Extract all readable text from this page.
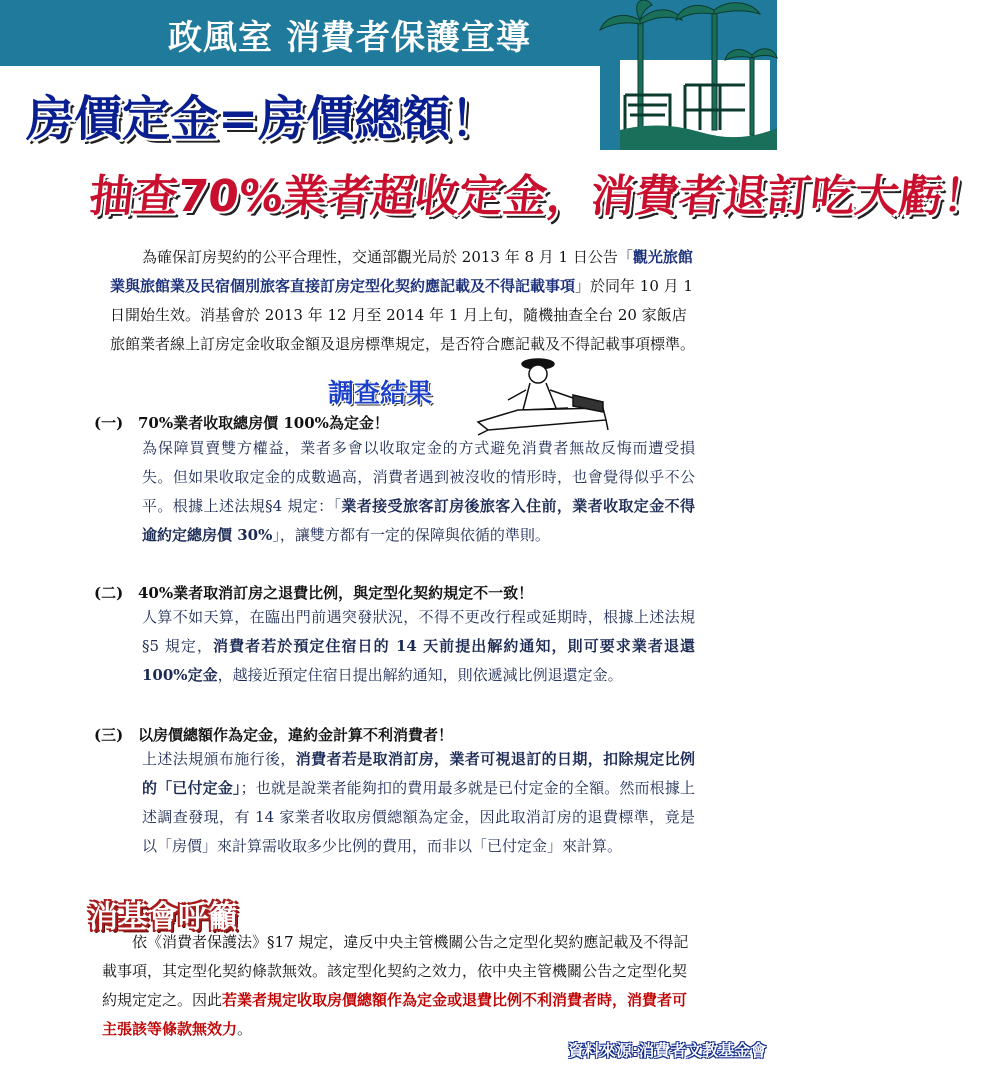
政風室 消費者保護宣導
房價定金=房價總額！
抽查70%業者超收定金，消費者退訂吃大虧！
為確保訂房契約的公平合理性，交通部觀光局於 2013 年 8 月 1 日公告「觀光旅館業與旅館業及民宿個別旅客直接訂房定型化契約應記載及不得記載事項」於同年 10 月 1 日開始生效。消基會於 2013 年 12 月至 2014 年 1 月上旬，隨機抽查全台 20 家飯店旅館業者線上訂房定金收取金額及退房標準規定，是否符合應記載及不得記載事項標準。
調查結果
(一) 70%業者收取總房價 100%為定金！
為保障買賣雙方權益，業者多會以收取定金的方式避免消費者無故反悔而遭受損失。但如果收取定金的成數過高，消費者遇到被沒收的情形時，也會覺得似乎不公平。根據上述法規§4 規定：「業者接受旅客訂房後旅客入住前，業者收取定金不得逾約定總房價 30%」，讓雙方都有一定的保障與依循的準則。
(二) 40%業者取消訂房之退費比例，與定型化契約規定不一致！
人算不如天算，在臨出門前遇突發狀況，不得不更改行程或延期時，根據上述法規§5 規定，消費者若於預定住宿日的 14 天前提出解約通知，則可要求業者退還 100%定金，越接近預定住宿日提出解約通知，則依遞減比例退還定金。
(三) 以房價總額作為定金，違約金計算不利消費者！
上述法規頒布施行後，消費者若是取消訂房，業者可視退訂的日期，扣除規定比例的「已付定金」；也就是說業者能夠扣的費用最多就是已付定金的全額。然而根據上述調查發現，有 14 家業者收取房價總額為定金，因此取消訂房的退費標準，竟是以「房價」來計算需收取多少比例的費用，而非以「已付定金」來計算。
消基會呼籲
依《消費者保護法》§17 規定，違反中央主管機關公告之定型化契約應記載及不得記載事項，其定型化契約條款無效。該定型化契約之效力，依中央主管機關公告之定型化契約規定定之。因此若業者規定收取房價總額作為定金或退費比例不利消費者時，消費者可主張該等條款無效力。
資料來源:消費者文教基金會
